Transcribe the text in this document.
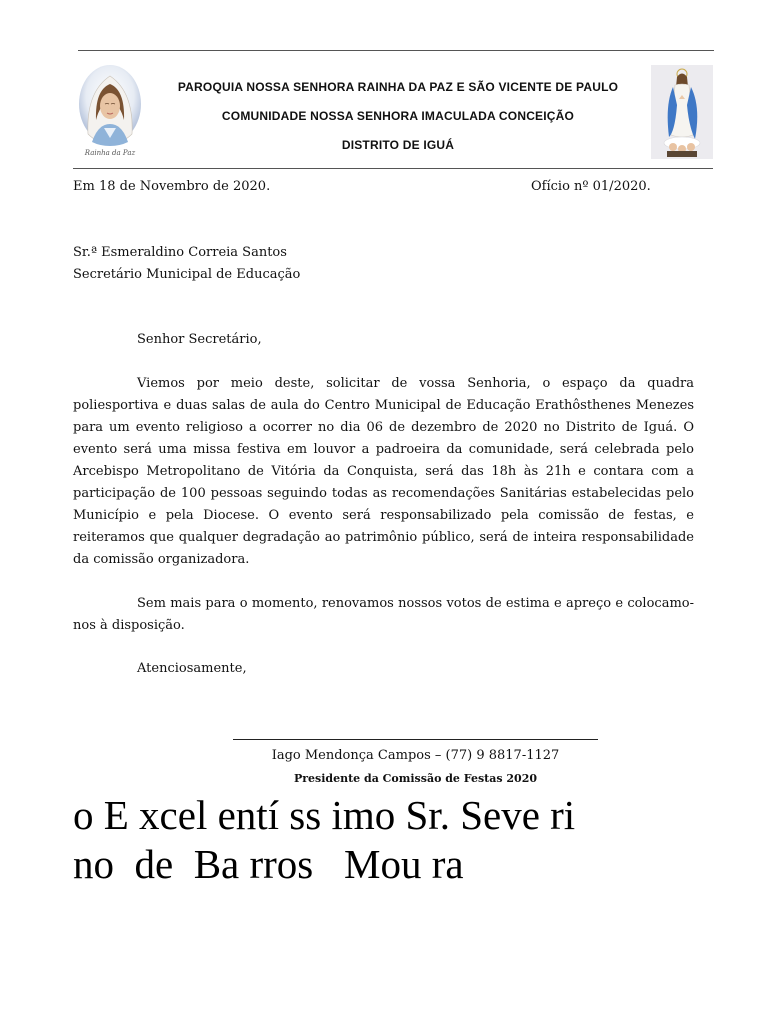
Rainha da Paz
PAROQUIA NOSSA SENHORA RAINHA DA PAZ E SÃO VICENTE DE PAULO
COMUNIDADE NOSSA SENHORA IMACULADA CONCEIÇÃO
DISTRITO DE IGUÁ
Em 18 de Novembro de 2020.	Ofício nº 01/2020.
Sr.ª Esmeraldino Correia Santos
Secretário Municipal de Educação
Senhor Secretário,
Viemos por meio deste, solicitar de vossa Senhoria, o espaço da quadra poliesportiva e duas salas de aula do Centro Municipal de Educação Erathôsthenes Menezes para um evento religioso a ocorrer no dia 06 de dezembro de 2020 no Distrito de Iguá. O evento será uma missa festiva em louvor a padroeira da comunidade, será celebrada pelo Arcebispo Metropolitano de Vitória da Conquista, será das 18h às 21h e contara com a participação de 100 pessoas seguindo todas as recomendações Sanitárias estabelecidas pelo Município e pela Diocese. O evento será responsabilizado pela comissão de festas, e reiteramos que qualquer degradação ao patrimônio público, será de inteira responsabilidade da comissão organizadora.
Sem mais para o momento, renovamos nossos votos de estima e apreço e colocamo-nos à disposição.
Atenciosamente,
Iago Mendonça Campos – (77) 9 8817-1127
Presidente da Comissão de Festas 2020
o E xcel entí ss imo Sr. Seve ri
no  de  Ba rros   Mou ra
